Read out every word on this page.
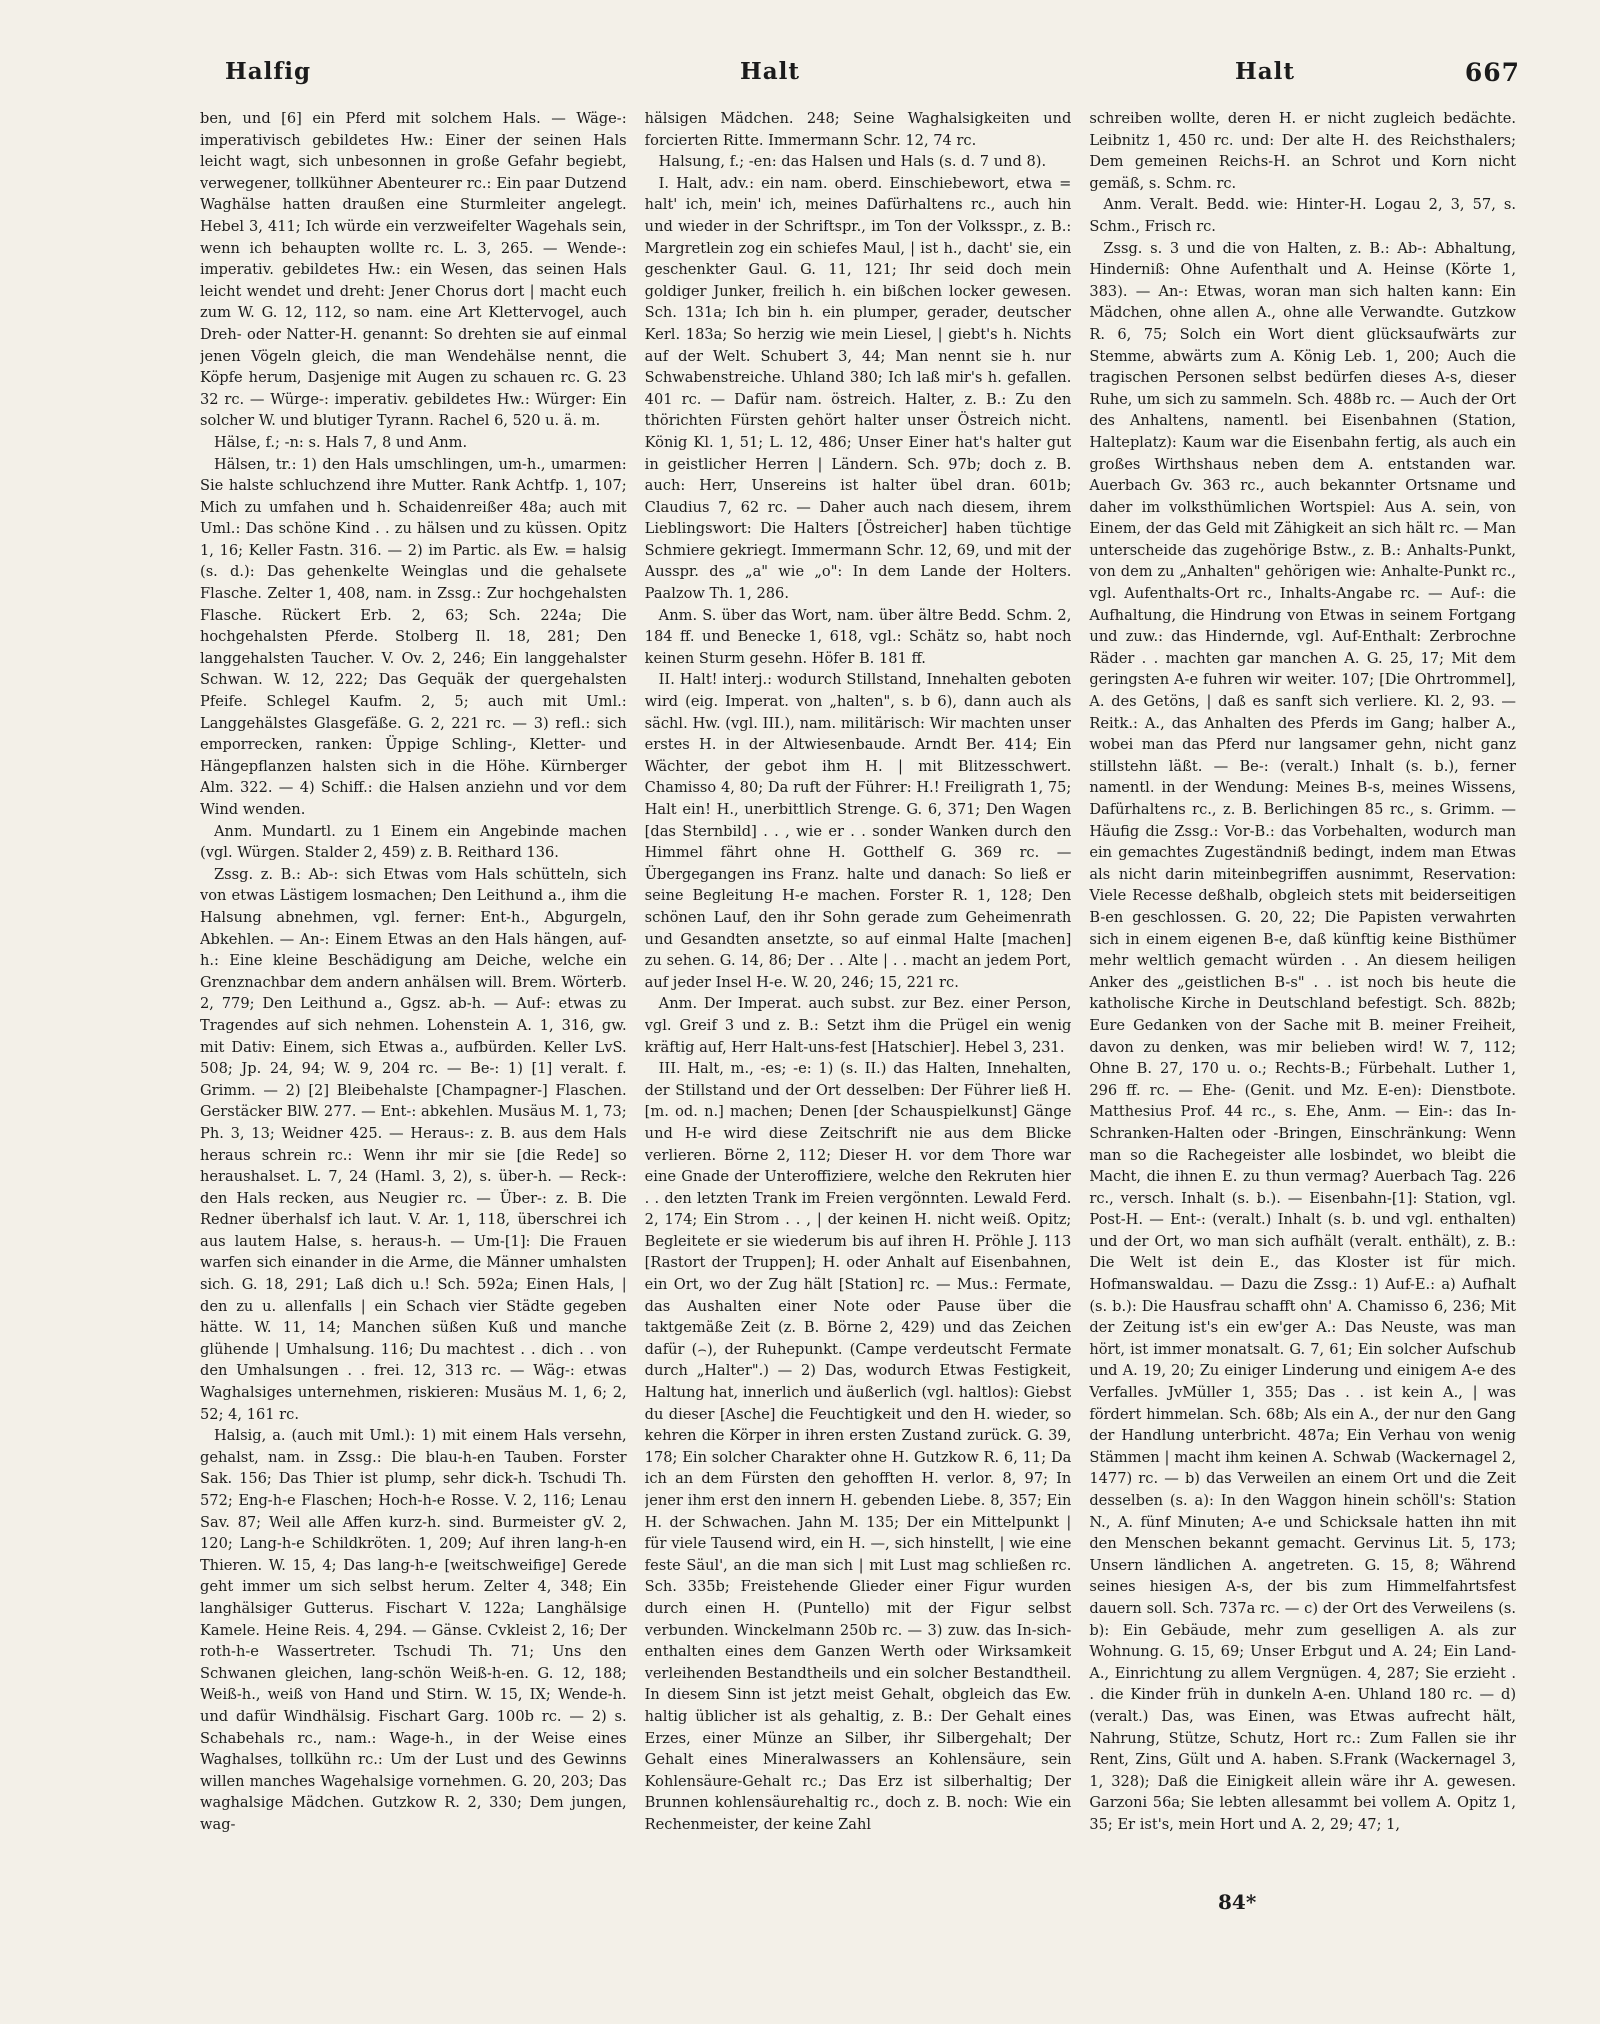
Halfig	Halt	Halt	667

ben, und [6] ein Pferd mit solchem Hals. — Wäge-: imperativisch gebildetes Hw.: Einer der seinen Hals leicht wagt, sich unbesonnen in große Gefahr begiebt, verwegener, tollkühner Abenteurer rc.: Ein paar Dutzend Waghälse hatten draußen eine Sturmleiter angelegt. Hebel 3, 411; Ich würde ein verzweifelter Wagehals sein, wenn ich behaupten wollte rc. L. 3, 265. — Wende-: imperativ. gebildetes Hw.: ein Wesen, das seinen Hals leicht wendet und dreht: Jener Chorus dort | macht euch zum W. G. 12, 112, so nam. eine Art Klettervogel, auch Dreh- oder Natter-H. genannt: So drehten sie auf einmal jenen Vögeln gleich, die man Wendehälse nennt, die Köpfe herum, Dasjenige mit Augen zu schauen rc. G. 23 32 rc. — Würge-: imperativ. gebildetes Hw.: Würger: Ein solcher W. und blutiger Tyrann. Rachel 6, 520 u. ä. m.

Hälse, f.; -n: s. Hals 7, 8 und Anm.

Hälsen, tr.: 1) den Hals umschlingen, um-h., umarmen: Sie halste schluchzend ihre Mutter. Rank Achtfp. 1, 107; Mich zu umfahen und h. Schaidenreißer 48a; auch mit Uml.: Das schöne Kind . . zu hälsen und zu küssen. Opitz 1, 16; Keller Fastn. 316. — 2) im Partic. als Ew. = halsig (s. d.): Das gehenkelte Weinglas und die gehalsete Flasche. Zelter 1, 408, nam. in Zssg.: Zur hochgehalsten Flasche. Rückert Erb. 2, 63; Sch. 224a; Die hochgehalsten Pferde. Stolberg Il. 18, 281; Den langgehalsten Taucher. V. Ov. 2, 246; Ein langgehalster Schwan. W. 12, 222; Das Gequäk der quergehalsten Pfeife. Schlegel Kaufm. 2, 5; auch mit Uml.: Langgehälstes Glasgefäße. G. 2, 221 rc. — 3) refl.: sich emporrecken, ranken: Üppige Schling-, Kletter- und Hängepflanzen halsten sich in die Höhe. Kürnberger Alm. 322. — 4) Schiff.: die Halsen anziehn und vor dem Wind wenden.

Anm. Mundartl. zu 1 Einem ein Angebinde machen (vgl. Würgen. Stalder 2, 459) z. B. Reithard 136.

Zssg. z. B.: Ab-: sich Etwas vom Hals schütteln, sich von etwas Lästigem losmachen; Den Leithund a., ihm die Halsung abnehmen, vgl. ferner: Ent-h., Abgurgeln, Abkehlen. — An-: Einem Etwas an den Hals hängen, auf-h.: Eine kleine Beschädigung am Deiche, welche ein Grenznachbar dem andern anhälsen will. Brem. Wörterb. 2, 779; Den Leithund a., Ggsz. ab-h. — Auf-: etwas zu Tragendes auf sich nehmen. Lohenstein A. 1, 316, gw. mit Dativ: Einem, sich Etwas a., aufbürden. Keller LvS. 508; Jp. 24, 94; W. 9, 204 rc. — Be-: 1) [1] veralt. f. Grimm. — 2) [2] Bleibehalste [Champagner-] Flaschen. Gerstäcker BlW. 277. — Ent-: abkehlen. Musäus M. 1, 73; Ph. 3, 13; Weidner 425. — Heraus-: z. B. aus dem Hals heraus schrein rc.: Wenn ihr mir sie [die Rede] so heraushalset. L. 7, 24 (Haml. 3, 2), s. über-h. — Reck-: den Hals recken, aus Neugier rc. — Über-: z. B. Die Redner überhalsf ich laut. V. Ar. 1, 118, überschrei ich aus lautem Halse, s. heraus-h. — Um-[1]: Die Frauen warfen sich einander in die Arme, die Männer umhalsten sich. G. 18, 291; Laß dich u.! Sch. 592a; Einen Hals, | den zu u. allenfalls | ein Schach vier Städte gegeben hätte. W. 11, 14; Manchen süßen Kuß und manche glühende | Umhalsung. 116; Du machtest . . dich . . von den Umhalsungen . . frei. 12, 313 rc. — Wäg-: etwas Waghalsiges unternehmen, riskieren: Musäus M. 1, 6; 2, 52; 4, 161 rc.

Halsig, a. (auch mit Uml.): 1) mit einem Hals versehn, gehalst, nam. in Zssg.: Die blau-h-en Tauben. Forster Sak. 156; Das Thier ist plump, sehr dick-h. Tschudi Th. 572; Eng-h-e Flaschen; Hoch-h-e Rosse. V. 2, 116; Lenau Sav. 87; Weil alle Affen kurz-h. sind. Burmeister gV. 2, 120; Lang-h-e Schildkröten. 1, 209; Auf ihren lang-h-en Thieren. W. 15, 4; Das lang-h-e [weitschweifige] Gerede geht immer um sich selbst herum. Zelter 4, 348; Ein langhälsiger Gutterus. Fischart V. 122a; Langhälsige Kamele. Heine Reis. 4, 294. — Gänse. Cvkleist 2, 16; Der roth-h-e Wassertreter. Tschudi Th. 71; Uns den Schwanen gleichen, lang-schön Weiß-h-en. G. 12, 188; Weiß-h., weiß von Hand und Stirn. W. 15, IX; Wende-h. und dafür Windhälsig. Fischart Garg. 100b rc. — 2) s. Schabehals rc., nam.: Wage-h., in der Weise eines Waghalses, tollkühn rc.: Um der Lust und des Gewinns willen manches Wagehalsige vornehmen. G. 20, 203; Das waghalsige Mädchen. Gutzkow R. 2, 330; Dem jungen, wag-

hälsigen Mädchen. 248; Seine Waghalsigkeiten und forcierten Ritte. Immermann Schr. 12, 74 rc.

Halsung, f.; -en: das Halsen und Hals (s. d. 7 und 8).

I. Halt, adv.: ein nam. oberd. Einschiebewort, etwa = halt' ich, mein' ich, meines Dafürhaltens rc., auch hin und wieder in der Schriftspr., im Ton der Volksspr., z. B.: Margretlein zog ein schiefes Maul, | ist h., dacht' sie, ein geschenkter Gaul. G. 11, 121; Ihr seid doch mein goldiger Junker, freilich h. ein bißchen locker gewesen. Sch. 131a; Ich bin h. ein plumper, gerader, deutscher Kerl. 183a; So herzig wie mein Liesel, | giebt's h. Nichts auf der Welt. Schubert 3, 44; Man nennt sie h. nur Schwabenstreiche. Uhland 380; Ich laß mir's h. gefallen. 401 rc. — Dafür nam. östreich. Halter, z. B.: Zu den thörichten Fürsten gehört halter unser Östreich nicht. König Kl. 1, 51; L. 12, 486; Unser Einer hat's halter gut in geistlicher Herren | Ländern. Sch. 97b; doch z. B. auch: Herr, Unsereins ist halter übel dran. 601b; Claudius 7, 62 rc. — Daher auch nach diesem, ihrem Lieblingswort: Die Halters [Östreicher] haben tüchtige Schmiere gekriegt. Immermann Schr. 12, 69, und mit der Ausspr. des „a" wie „o": In dem Lande der Holters. Paalzow Th. 1, 286.

Anm. S. über das Wort, nam. über ältre Bedd. Schm. 2, 184 ff. und Benecke 1, 618, vgl.: Schätz so, habt noch keinen Sturm gesehn. Höfer B. 181 ff.

II. Halt! interj.: wodurch Stillstand, Innehalten geboten wird (eig. Imperat. von „halten", s. b 6), dann auch als sächl. Hw. (vgl. III.), nam. militärisch: Wir machten unser erstes H. in der Altwiesenbaude. Arndt Ber. 414; Ein Wächter, der gebot ihm H. | mit Blitzesschwert. Chamisso 4, 80; Da ruft der Führer: H.! Freiligrath 1, 75; Halt ein! H., unerbittlich Strenge. G. 6, 371; Den Wagen [das Sternbild] . . , wie er . . sonder Wanken durch den Himmel fährt ohne H. Gotthelf G. 369 rc. — Übergegangen ins Franz. halte und danach: So ließ er seine Begleitung H-e machen. Forster R. 1, 128; Den schönen Lauf, den ihr Sohn gerade zum Geheimenrath und Gesandten ansetzte, so auf einmal Halte [machen] zu sehen. G. 14, 86; Der . . Alte | . . macht an jedem Port, auf jeder Insel H-e. W. 20, 246; 15, 221 rc.

Anm. Der Imperat. auch subst. zur Bez. einer Person, vgl. Greif 3 und z. B.: Setzt ihm die Prügel ein wenig kräftig auf, Herr Halt-uns-fest [Hatschier]. Hebel 3, 231.

III. Halt, m., -es; -e: 1) (s. II.) das Halten, Innehalten, der Stillstand und der Ort desselben: Der Führer ließ H. [m. od. n.] machen; Denen [der Schauspielkunst] Gänge und H-e wird diese Zeitschrift nie aus dem Blicke verlieren. Börne 2, 112; Dieser H. vor dem Thore war eine Gnade der Unteroffiziere, welche den Rekruten hier . . den letzten Trank im Freien vergönnten. Lewald Ferd. 2, 174; Ein Strom . . , | der keinen H. nicht weiß. Opitz; Begleitete er sie wiederum bis auf ihren H. Pröhle J. 113 [Rastort der Truppen]; H. oder Anhalt auf Eisenbahnen, ein Ort, wo der Zug hält [Station] rc. — Mus.: Fermate, das Aushalten einer Note oder Pause über die taktgemäße Zeit (z. B. Börne 2, 429) und das Zeichen dafür (⌢), der Ruhepunkt. (Campe verdeutscht Fermate durch „Halter".) — 2) Das, wodurch Etwas Festigkeit, Haltung hat, innerlich und äußerlich (vgl. haltlos): Giebst du dieser [Asche] die Feuchtigkeit und den H. wieder, so kehren die Körper in ihren ersten Zustand zurück. G. 39, 178; Ein solcher Charakter ohne H. Gutzkow R. 6, 11; Da ich an dem Fürsten den gehofften H. verlor. 8, 97; In jener ihm erst den innern H. gebenden Liebe. 8, 357; Ein H. der Schwachen. Jahn M. 135; Der ein Mittelpunkt | für viele Tausend wird, ein H. —, sich hinstellt, | wie eine feste Säul', an die man sich | mit Lust mag schließen rc. Sch. 335b; Freistehende Glieder einer Figur wurden durch einen H. (Puntello) mit der Figur selbst verbunden. Winckelmann 250b rc. — 3) zuw. das In-sich-enthalten eines dem Ganzen Werth oder Wirksamkeit verleihenden Bestandtheils und ein solcher Bestandtheil. In diesem Sinn ist jetzt meist Gehalt, obgleich das Ew. haltig üblicher ist als gehaltig, z. B.: Der Gehalt eines Erzes, einer Münze an Silber, ihr Silbergehalt; Der Gehalt eines Mineralwassers an Kohlensäure, sein Kohlensäure-Gehalt rc.; Das Erz ist silberhaltig; Der Brunnen kohlensäurehaltig rc., doch z. B. noch: Wie ein Rechenmeister, der keine Zahl

schreiben wollte, deren H. er nicht zugleich bedächte. Leibnitz 1, 450 rc. und: Der alte H. des Reichsthalers; Dem gemeinen Reichs-H. an Schrot und Korn nicht gemäß, s. Schm. rc.

Anm. Veralt. Bedd. wie: Hinter-H. Logau 2, 3, 57, s. Schm., Frisch rc.

Zssg. s. 3 und die von Halten, z. B.: Ab-: Abhaltung, Hinderniß: Ohne Aufenthalt und A. Heinse (Körte 1, 383). — An-: Etwas, woran man sich halten kann: Ein Mädchen, ohne allen A., ohne alle Verwandte. Gutzkow R. 6, 75; Solch ein Wort dient glücksaufwärts zur Stemme, abwärts zum A. König Leb. 1, 200; Auch die tragischen Personen selbst bedürfen dieses A-s, dieser Ruhe, um sich zu sammeln. Sch. 488b rc. — Auch der Ort des Anhaltens, namentl. bei Eisenbahnen (Station, Halteplatz): Kaum war die Eisenbahn fertig, als auch ein großes Wirthshaus neben dem A. entstanden war. Auerbach Gv. 363 rc., auch bekannter Ortsname und daher im volksthümlichen Wortspiel: Aus A. sein, von Einem, der das Geld mit Zähigkeit an sich hält rc. — Man unterscheide das zugehörige Bstw., z. B.: Anhalts-Punkt, von dem zu „Anhalten" gehörigen wie: Anhalte-Punkt rc., vgl. Aufenthalts-Ort rc., Inhalts-Angabe rc. — Auf-: die Aufhaltung, die Hindrung von Etwas in seinem Fortgang und zuw.: das Hindernde, vgl. Auf-Enthalt: Zerbrochne Räder . . machten gar manchen A. G. 25, 17; Mit dem geringsten A-e fuhren wir weiter. 107; [Die Ohrtrommel], A. des Getöns, | daß es sanft sich verliere. Kl. 2, 93. — Reitk.: A., das Anhalten des Pferds im Gang; halber A., wobei man das Pferd nur langsamer gehn, nicht ganz stillstehn läßt. — Be-: (veralt.) Inhalt (s. b.), ferner namentl. in der Wendung: Meines B-s, meines Wissens, Dafürhaltens rc., z. B. Berlichingen 85 rc., s. Grimm. — Häufig die Zssg.: Vor-B.: das Vorbehalten, wodurch man ein gemachtes Zugeständniß bedingt, indem man Etwas als nicht darin miteinbegriffen ausnimmt, Reservation: Viele Recesse deßhalb, obgleich stets mit beiderseitigen B-en geschlossen. G. 20, 22; Die Papisten verwahrten sich in einem eigenen B-e, daß künftig keine Bisthümer mehr weltlich gemacht würden . . An diesem heiligen Anker des „geistlichen B-s" . . ist noch bis heute die katholische Kirche in Deutschland befestigt. Sch. 882b; Eure Gedanken von der Sache mit B. meiner Freiheit, davon zu denken, was mir belieben wird! W. 7, 112; Ohne B. 27, 170 u. o.; Rechts-B.; Fürbehalt. Luther 1, 296 ff. rc. — Ehe- (Genit. und Mz. E-en): Dienstbote. Matthesius Prof. 44 rc., s. Ehe, Anm. — Ein-: das In-Schranken-Halten oder -Bringen, Einschränkung: Wenn man so die Rachegeister alle losbindet, wo bleibt die Macht, die ihnen E. zu thun vermag? Auerbach Tag. 226 rc., versch. Inhalt (s. b.). — Eisenbahn-[1]: Station, vgl. Post-H. — Ent-: (veralt.) Inhalt (s. b. und vgl. enthalten) und der Ort, wo man sich aufhält (veralt. enthält), z. B.: Die Welt ist dein E., das Kloster ist für mich. Hofmanswaldau. — Dazu die Zssg.: 1) Auf-E.: a) Aufhalt (s. b.): Die Hausfrau schafft ohn' A. Chamisso 6, 236; Mit der Zeitung ist's ein ew'ger A.: Das Neuste, was man hört, ist immer monatsalt. G. 7, 61; Ein solcher Aufschub und A. 19, 20; Zu einiger Linderung und einigem A-e des Verfalles. JvMüller 1, 355; Das . . ist kein A., | was fördert himmelan. Sch. 68b; Als ein A., der nur den Gang der Handlung unterbricht. 487a; Ein Verhau von wenig Stämmen | macht ihm keinen A. Schwab (Wackernagel 2, 1477) rc. — b) das Verweilen an einem Ort und die Zeit desselben (s. a): In den Waggon hinein schöll's: Station N., A. fünf Minuten; A-e und Schicksale hatten ihn mit den Menschen bekannt gemacht. Gervinus Lit. 5, 173; Unsern ländlichen A. angetreten. G. 15, 8; Während seines hiesigen A-s, der bis zum Himmelfahrtsfest dauern soll. Sch. 737a rc. — c) der Ort des Verweilens (s. b): Ein Gebäude, mehr zum geselligen A. als zur Wohnung. G. 15, 69; Unser Erbgut und A. 24; Ein Land-A., Einrichtung zu allem Vergnügen. 4, 287; Sie erzieht . . die Kinder früh in dunkeln A-en. Uhland 180 rc. — d) (veralt.) Das, was Einen, was Etwas aufrecht hält, Nahrung, Stütze, Schutz, Hort rc.: Zum Fallen sie ihr Rent, Zins, Gült und A. haben. S.Frank (Wackernagel 3, 1, 328); Daß die Einigkeit allein wäre ihr A. gewesen. Garzoni 56a; Sie lebten allesammt bei vollem A. Opitz 1, 35; Er ist's, mein Hort und A. 2, 29; 47; 1,

84*
